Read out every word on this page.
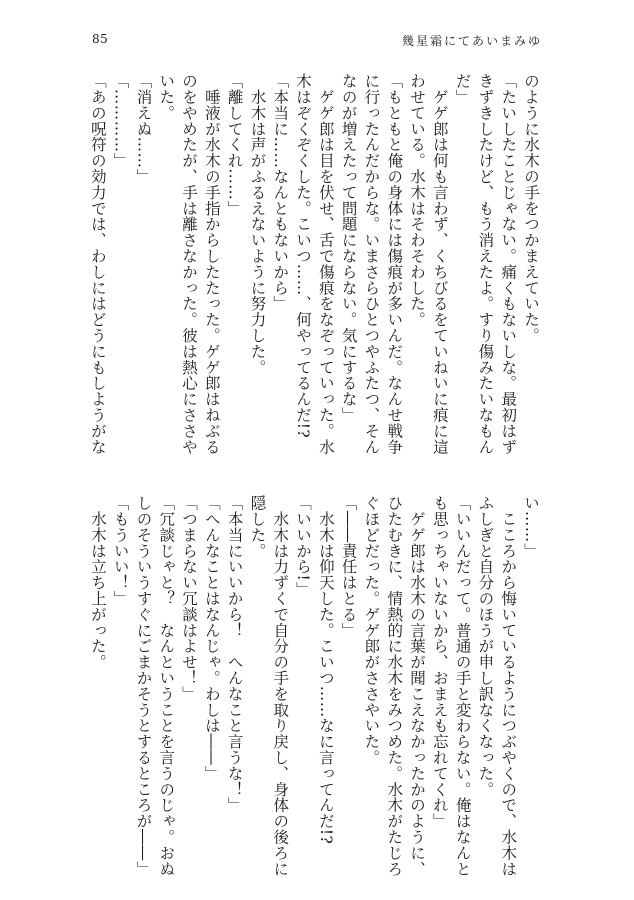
85	幾星霜にてあいまみゆ
のように水木の手をつかまえていた。
「たいしたことじゃない。痛くもないしな。最初はず
きずきしたけど、もう消えたよ。すり傷みたいなもん
だ」
　ゲゲ郎は何も言わず、くちびるをていねいに痕に這
わせている。水木はそわそわした。
「もともと俺の身体には傷痕が多いんだ。なんせ戦争
に行ったんだからな。いまさらひとつやふたつ、そん
なのが増えたって問題にならない。気にするな」
　ゲゲ郎は目を伏せ、舌で傷痕をなぞっていった。水
木はぞくぞくした。こいつ……、何やってるんだ!?
「本当に……なんともないから」
　水木は声がふるえないように努力した。
「離してくれ……」
　唾液が水木の手指からしたたった。ゲゲ郎はねぶる
のをやめたが、手は離さなかった。彼は熱心にささや
いた。
「消えぬ……」
「…………」
「あの呪符の効力では、わしにはどうにもしようがな
い……」
　こころから悔いているようにつぶやくので、水木は
ふしぎと自分のほうが申し訳なくなった。
「いいんだって。普通の手と変わらない。俺はなんと
も思っちゃいないから、おまえも忘れてくれ」
　ゲゲ郎は水木の言葉が聞こえなかったかのように、
ひたむきに、情熱的に水木をみつめた。水木がたじろ
ぐほどだった。ゲゲ郎がささやいた。
「――責任はとる」
　水木は仰天した。こいつ……なに言ってんだ!?
「いいから!」
　水木は力ずくで自分の手を取り戻し、身体の後ろに
隠した。
「本当にいいから！　へんなこと言うな！」
「へんなことはなんじゃ。わしは――」
「つまらない冗談はよせ！」
「冗談じゃと？　なんということを言うのじゃ。おぬ
しのそういうすぐにごまかそうとするところが――」
「もういい！」
　水木は立ち上がった。
